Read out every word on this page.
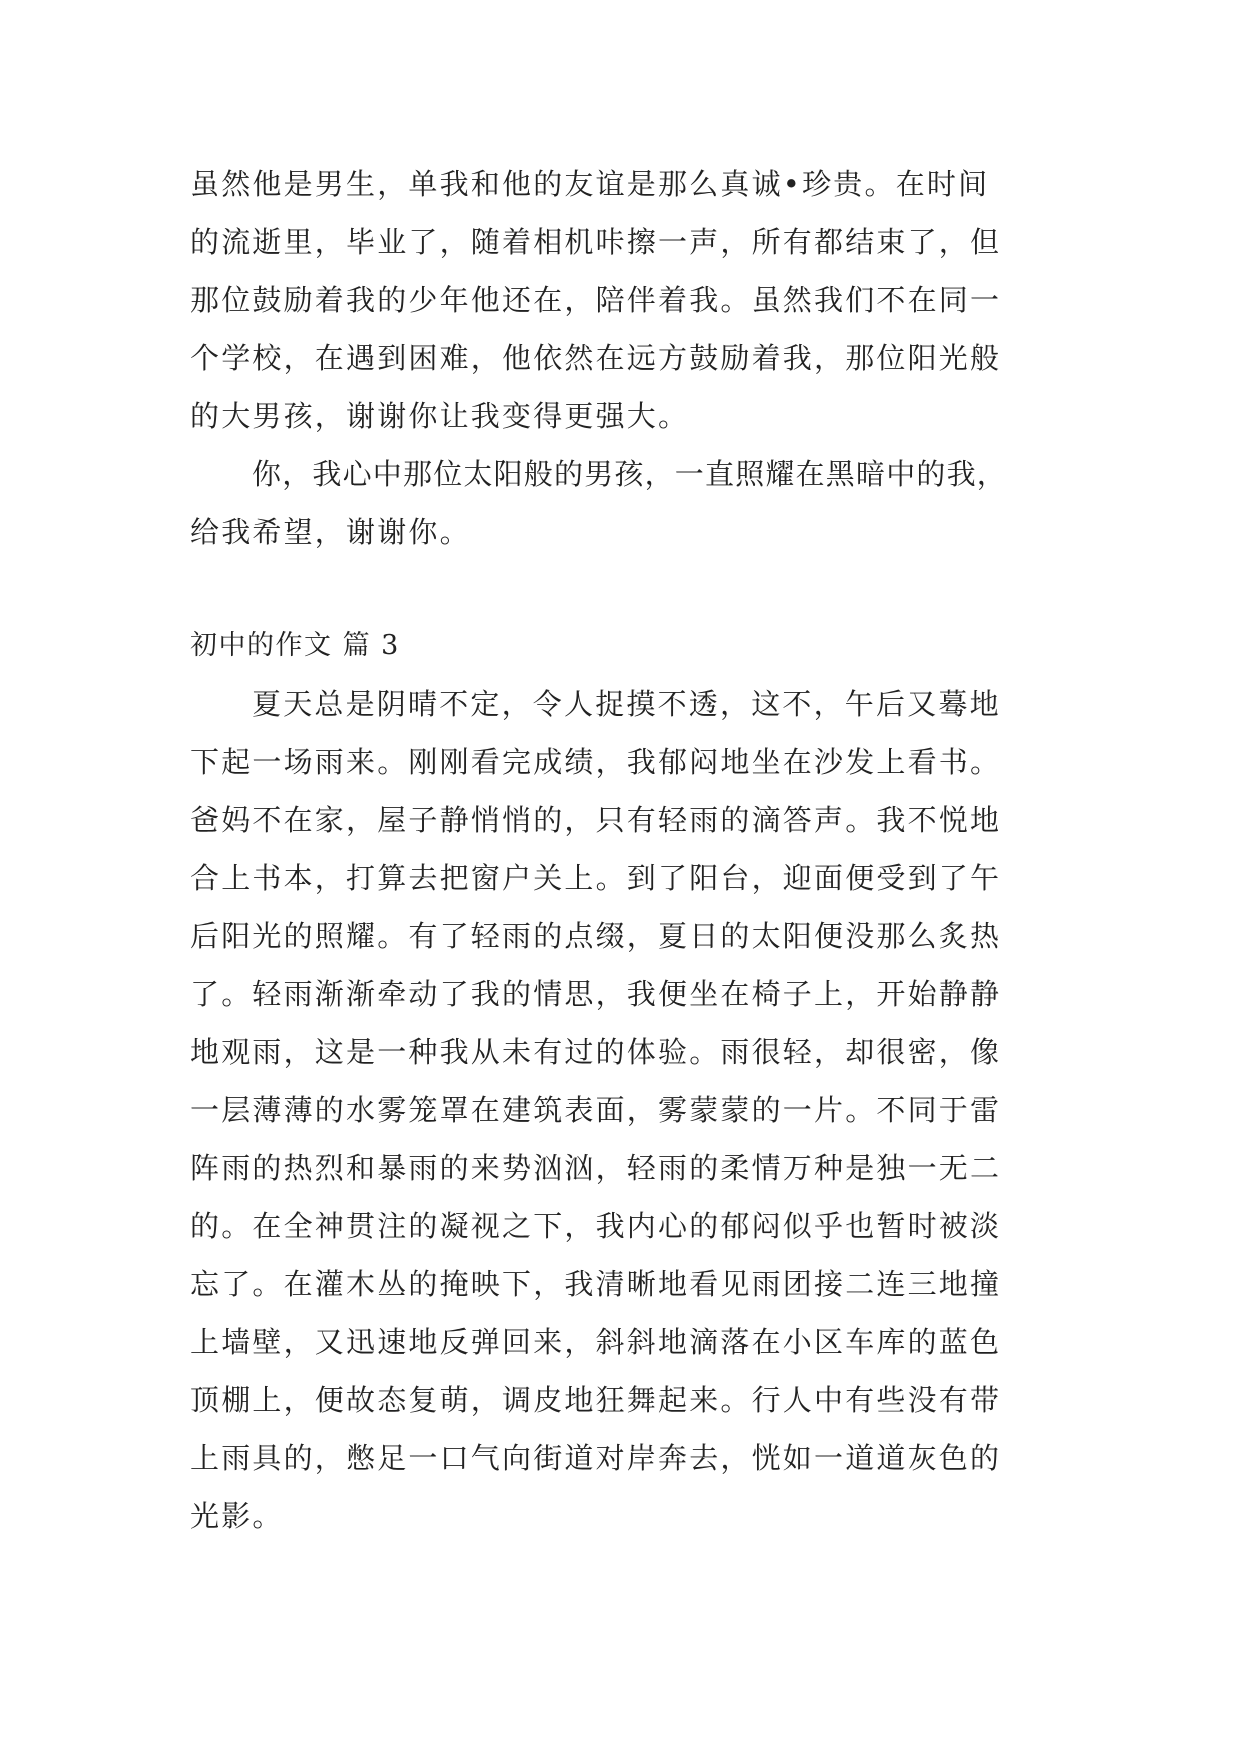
虽然他是男生，单我和他的友谊是那么真诚•珍贵。在时间

的流逝里，毕业了，随着相机咔擦一声，所有都结束了，但

那位鼓励着我的少年他还在，陪伴着我。虽然我们不在同一

个学校，在遇到困难，他依然在远方鼓励着我，那位阳光般

的大男孩，谢谢你让我变得更强大。

你，我心中那位太阳般的男孩，一直照耀在黑暗中的我，

给我希望，谢谢你。

初中的作文 篇 3

夏天总是阴晴不定，令人捉摸不透，这不，午后又蓦地

下起一场雨来。刚刚看完成绩，我郁闷地坐在沙发上看书。

爸妈不在家，屋子静悄悄的，只有轻雨的滴答声。我不悦地

合上书本，打算去把窗户关上。到了阳台，迎面便受到了午

后阳光的照耀。有了轻雨的点缀，夏日的太阳便没那么炙热

了。轻雨渐渐牵动了我的情思，我便坐在椅子上，开始静静

地观雨，这是一种我从未有过的体验。雨很轻，却很密，像

一层薄薄的水雾笼罩在建筑表面，雾蒙蒙的一片。不同于雷

阵雨的热烈和暴雨的来势汹汹，轻雨的柔情万种是独一无二

的。在全神贯注的凝视之下，我内心的郁闷似乎也暂时被淡

忘了。在灌木丛的掩映下，我清晰地看见雨团接二连三地撞

上墙壁，又迅速地反弹回来，斜斜地滴落在小区车库的蓝色

顶棚上，便故态复萌，调皮地狂舞起来。行人中有些没有带

上雨具的，憋足一口气向街道对岸奔去，恍如一道道灰色的

光影。
